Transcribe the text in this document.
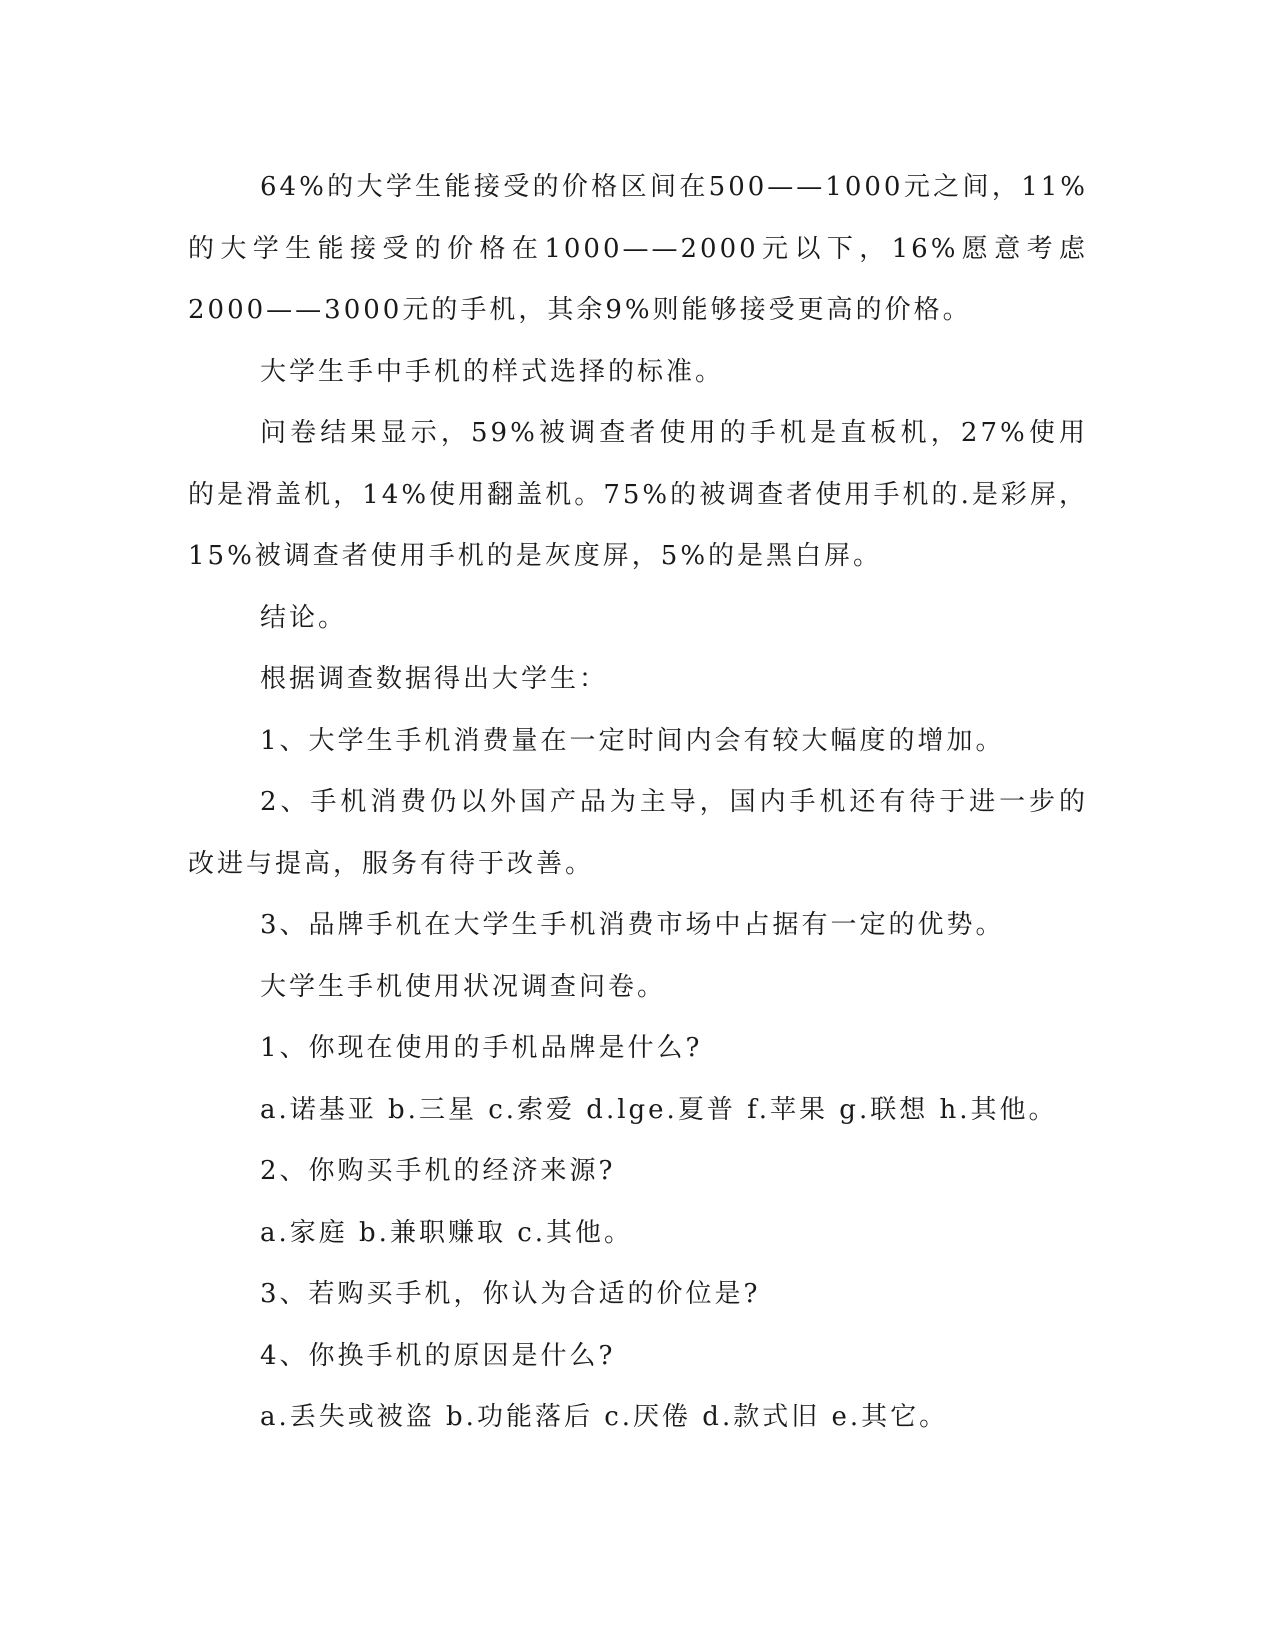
64%的大学生能接受的价格区间在500——1000元之间，11%的大学生能接受的价格在1000——2000元以下，16%愿意考虑2000——3000元的手机，其余9%则能够接受更高的价格。

大学生手中手机的样式选择的标准。

问卷结果显示，59%被调查者使用的手机是直板机，27%使用的是滑盖机，14%使用翻盖机。75%的被调查者使用手机的.是彩屏，15%被调查者使用手机的是灰度屏，5%的是黑白屏。

结论。

根据调查数据得出大学生：

1、大学生手机消费量在一定时间内会有较大幅度的增加。

2、手机消费仍以外国产品为主导，国内手机还有待于进一步的改进与提高，服务有待于改善。

3、品牌手机在大学生手机消费市场中占据有一定的优势。

大学生手机使用状况调查问卷。

1、你现在使用的手机品牌是什么?

a.诺基亚 b.三星 c.索爱 d.lge.夏普 f.苹果 g.联想 h.其他。

2、你购买手机的经济来源?

a.家庭 b.兼职赚取 c.其他。

3、若购买手机，你认为合适的价位是?

4、你换手机的原因是什么?

a.丢失或被盗 b.功能落后 c.厌倦 d.款式旧 e.其它。
